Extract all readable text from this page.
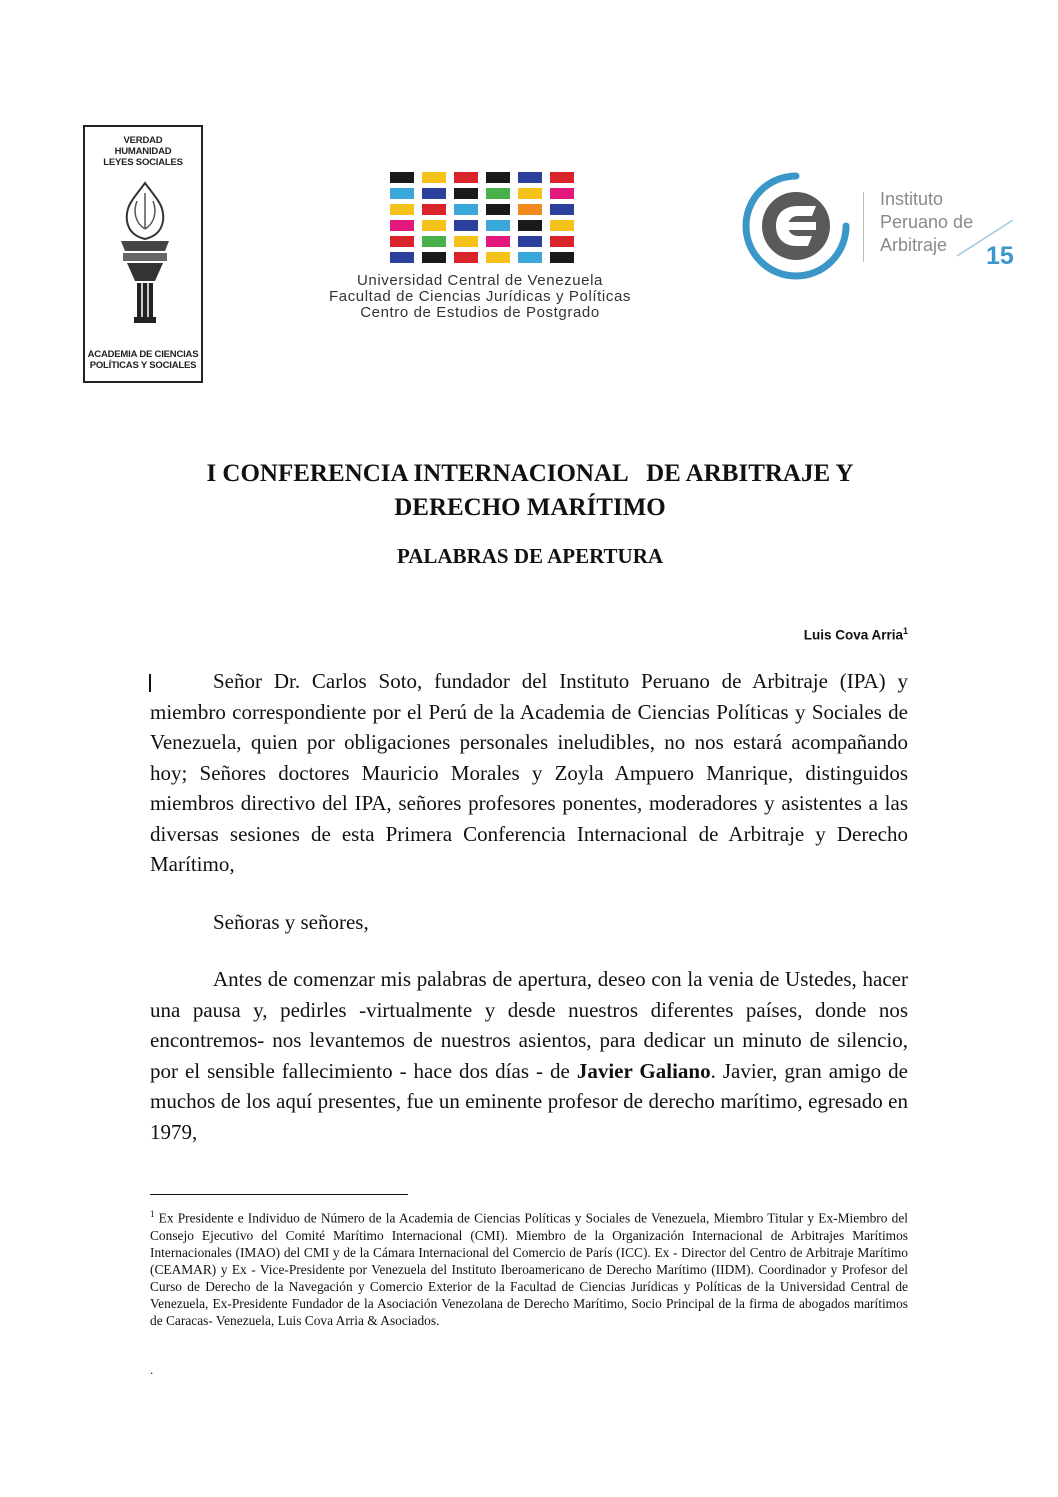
VERDAD
HUMANIDAD
LEYES SOCIALES
ACADEMIA DE CIENCIAS
POLÍTICAS Y SOCIALES
Universidad Central de Venezuela
Facultad de Ciencias Jurídicas y Políticas
Centro de Estudios de Postgrado
Instituto
Peruano de
Arbitraje	15
I CONFERENCIA INTERNACIONAL   DE ARBITRAJE Y
DERECHO MARÍTIMO
PALABRAS DE APERTURA
Luis Cova Arria$^1$

Señor Dr. Carlos Soto, fundador del Instituto Peruano de Arbitraje (IPA) y miembro correspondiente por el Perú de la Academia de Ciencias Políticas y Sociales de Venezuela, quien por obligaciones personales ineludibles, no nos estará acompañando hoy; Señores doctores Mauricio Morales y Zoyla Ampuero Manrique, distinguidos miembros directivo del IPA, señores profesores ponentes, moderadores y asistentes a las diversas sesiones de esta Primera Conferencia Internacional de Arbitraje y Derecho Marítimo,

Señoras y señores,

Antes de comenzar mis palabras de apertura, deseo con la venia de Ustedes, hacer una pausa y, pedirles -virtualmente y desde nuestros diferentes países, donde nos encontremos- nos levantemos de nuestros asientos, para dedicar un minuto de silencio, por el sensible fallecimiento - hace dos días - de Javier Galiano. Javier, gran amigo de muchos de los aquí presentes, fue un eminente profesor de derecho marítimo, egresado en 1979,

$^1$ Ex Presidente e Individuo de Número de la Academia de Ciencias Políticas y Sociales de Venezuela, Miembro Titular y Ex-Miembro del Consejo Ejecutivo del Comité Marítimo Internacional (CMI). Miembro de la Organización Internacional de Arbitrajes Marítimos Internacionales (IMAO) del CMI y de la Cámara Internacional del Comercio de París (ICC). Ex - Director del Centro de Arbitraje Marítimo (CEAMAR) y Ex - Vice-Presidente por Venezuela del Instituto Iberoamericano de Derecho Marítimo (IIDM). Coordinador y Profesor del Curso de Derecho de la Navegación y Comercio Exterior de la Facultad de Ciencias Jurídicas y Políticas de la Universidad Central de Venezuela, Ex-Presidente Fundador de la Asociación Venezolana de Derecho Marítimo, Socio Principal de la firma de abogados marítimos de Caracas- Venezuela, Luis Cova Arria & Asociados.

.
